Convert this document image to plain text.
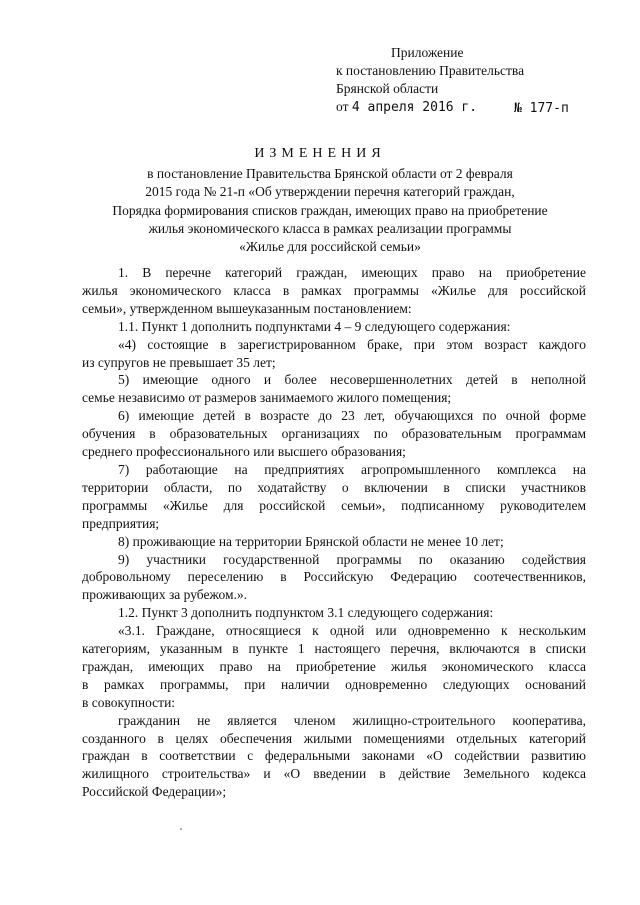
Приложение
к постановлению Правительства
Брянской области
от 4 апреля 2016 г.	№ 177-п
ИЗМЕНЕНИЯ
в постановление Правительства Брянской области от 2 февраля
2015 года № 21-п «Об утверждении перечня категорий граждан,
Порядка формирования списков граждан, имеющих право на приобретение
жилья экономического класса в рамках реализации программы
«Жилье для российской семьи»

1. В перечне категорий граждан, имеющих право на приобретение
жилья экономического класса в рамках программы «Жилье для российской
семьи», утвержденном вышеуказанным постановлением:

1.1. Пункт 1 дополнить подпунктами 4 – 9 следующего содержания:

«4) состоящие в зарегистрированном браке, при этом возраст каждого
из супругов не превышает 35 лет;

5) имеющие одного и более несовершеннолетних детей в неполной
семье независимо от размеров занимаемого жилого помещения;

6) имеющие детей в возрасте до 23 лет, обучающихся по очной форме
обучения в образовательных организациях по образовательным программам
среднего профессионального или высшего образования;

7) работающие на предприятиях агропромышленного комплекса на
территории области, по ходатайству о включении в списки участников
программы «Жилье для российской семьи», подписанному руководителем
предприятия;

8) проживающие на территории Брянской области не менее 10 лет;

9) участники государственной программы по оказанию содействия
добровольному переселению в Российскую Федерацию соотечественников,
проживающих за рубежом.».

1.2. Пункт 3 дополнить подпунктом 3.1 следующего содержания:

«3.1. Граждане, относящиеся к одной или одновременно к нескольким
категориям, указанным в пункте 1 настоящего перечня, включаются в списки
граждан, имеющих право на приобретение жилья экономического класса
в рамках программы, при наличии одновременно следующих оснований
в совокупности:

гражданин не является членом жилищно-строительного кооператива,
созданного в целях обеспечения жилыми помещениями отдельных категорий
граждан в соответствии с федеральными законами «О содействии развитию
жилищного строительства» и «О введении в действие Земельного кодекса
Российской Федерации»;
